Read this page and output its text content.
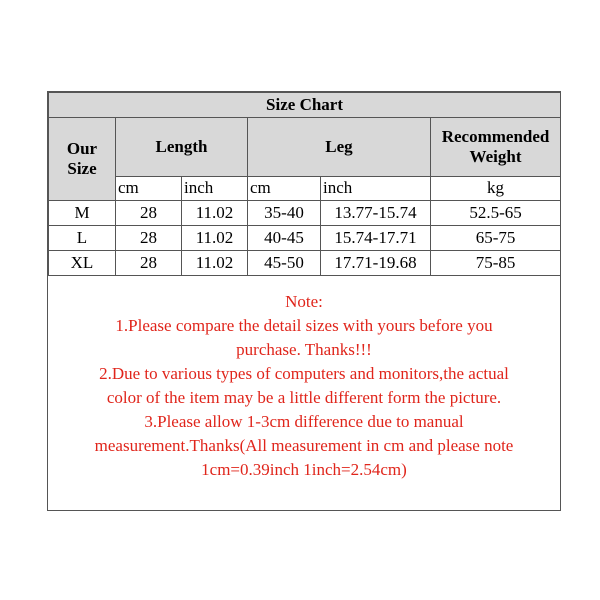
Size Chart					
Our
Size	Length		Leg		Recommended
Weight
	cm	inch	cm	inch	kg
M	28	11.02	35-40	13.77-15.74	52.5-65
L	28	11.02	40-45	15.74-17.71	65-75
XL	28	11.02	45-50	17.71-19.68	75-85

Note:

1.Please compare the detail sizes with yours before you

purchase. Thanks!!!

2.Due to various types of computers and monitors,the actual

color of the item may be a little different form the picture.

3.Please allow 1-3cm difference due to manual

measurement.Thanks(All measurement in cm and please note

1cm=0.39inch 1inch=2.54cm)
